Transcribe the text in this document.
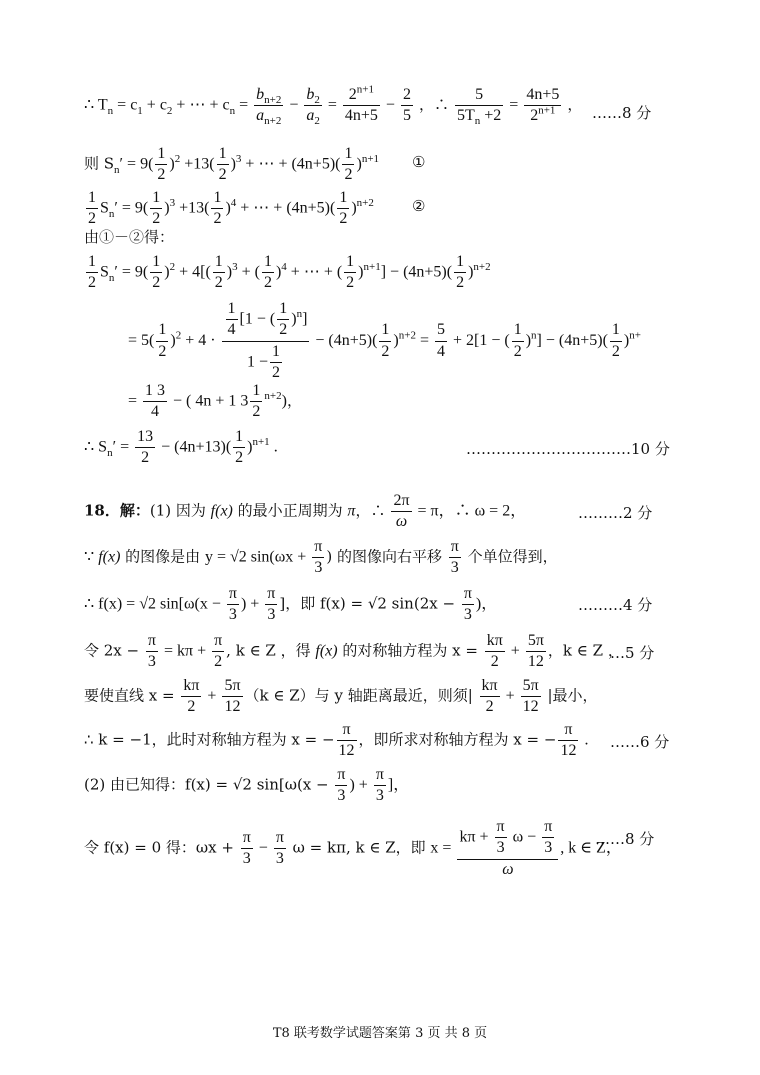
∴ $T_n = c_1 + c_2$ + ⋯ + $c_n = \frac{b_{n+2}}{a_{n+2}} - \frac{b_2}{a_2} = \frac{2^{n+1}}{4n+5} - \frac{2}{5}$ ，∴ $\frac{5}{5T_n +2} = \frac{4n+5}{2^{n+1}}$ ， ……8 分
则 $S_n' = 9( \frac{1}{2} )^2 +13( \frac{1}{2} )^3$ + ⋯ + $(4n+5)( \frac{1}{2} )^{n+1}$ ①
$\frac{1}{2} S_n' = 9( \frac{1}{2} )^3 +13( \frac{1}{2} )^4$ + ⋯ + $(4n+5)( \frac{1}{2} )^{n+2}$	②
由①－②得：
$\frac{1}{2} S_n' = 9( \frac{1}{2} )^2 + 4[( \frac{1}{2} )^3$ + ( $\frac{1}{2} )^4$ + ⋯ + ( $\frac{1}{2} )^{n+1}] - (4n+5)( \frac{1}{2} )^{n+2}$
= $5( \frac{1}{2} )^2 + 4 \cdot \frac{\frac{1}{4} [1 - ( \frac{1}{2} )^n]}{1 - \frac{1}{2}} - (4n+5)( \frac{1}{2} )^{n+2} = \frac{5}{4} + 2[1$ − ( $\frac{1}{2} )^n] - (4n+5)( \frac{1}{2} )^{n+}$
= $\frac{1 3}{4}$ − ( 4n + 1 $3 \frac{1}{2} ^{n+2}$)，
∴ $S_n' = \frac{13}{2} - (4n+13)( \frac{1}{2} )^{n+1}$ .	……………………………10 分
18．解：(1) 因为 f(x) 的最小正周期为 π，∴ $\frac{2\pi}{\omega} = \pi$，∴ ω = 2，	………2 分
∵ f(x) 的图像是由 y = √2 $\sin(\omega x + \frac{\pi}{3}$ ) 的图像向右平移 $\frac{\pi}{3}$ 个单位得到，
∴ f(x) = √2 $\sin[\omega(x - \frac{\pi}{3}$ ) + $\frac{\pi}{3}$ ]，即 f(x) = √2 $\sin(2x - \frac{\pi}{3}$ )，	………4 分
令 $2x - \frac{\pi}{3} = k\pi + \frac{\pi}{2}$ , k ∈ Z ，得 f(x) 的对称轴方程为 $x = \frac{k\pi}{2} + \frac{5\pi}{12}$ ，k ∈ Z ，
…5 分
要使直线 $x = \frac{k\pi}{2} + \frac{5\pi}{12} (k$ ∈ Z）与 y 轴距离最近，则须| $\frac{k\pi}{2} + \frac{5\pi}{12}$ |最小，
∴ k = −1，此时对称轴方程为 x = − $\frac{\pi}{12}$ ，即所求对称轴方程为 x = − $\frac{\pi}{12}$ . ……6 分
(2) 由已知得：f(x) = √2 $\sin[\omega(x - \frac{\pi}{3}$ ) + $\frac{\pi}{3}$ ]，
令 f(x) = 0 得：$\omega x + \frac{\pi}{3} - \frac{\pi}{3}$ ω = kπ, k ∈ Z，即 $x = \frac{k\pi + \frac{\pi}{3} \omega - \frac{\pi}{3}}{\omega}$ , k ∈ Z，
……8 分
T8 联考数学试题答案第 3 页 共 8 页
